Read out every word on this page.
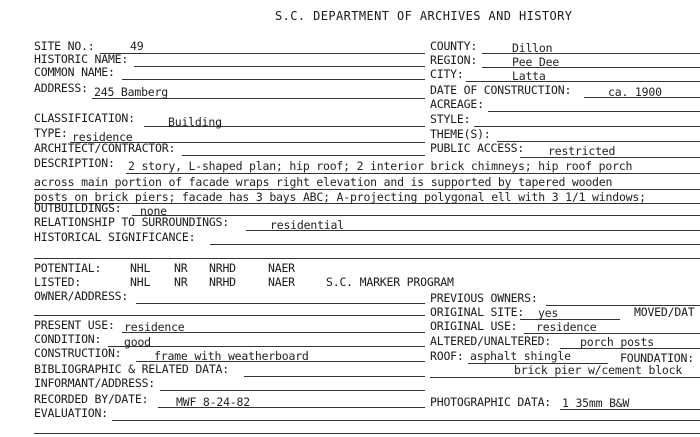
S.C. DEPARTMENT OF ARCHIVES AND HISTORY
SITE NO.:	49
HISTORIC NAME:
COMMON NAME:
ADDRESS: 245 Bamberg
CLASSIFICATION:	Building
TYPE: residence
ARCHITECT/CONTRACTOR:
COUNTY:	Dillon
REGION:	Pee Dee
CITY:	Latta
DATE OF CONSTRUCTION:	ca. 1900
ACREAGE:
STYLE:
THEME(S):
PUBLIC ACCESS: restricted
DESCRIPTION: 2 story, L-shaped plan; hip roof; 2 interior brick chimneys; hip roof porch
across main portion of facade wraps right elevation and is supported by tapered wooden
posts on brick piers; facade has 3 bays ABC; A-projecting polygonal ell with 3 1/1 windows;
OUTBUILDINGS: none
RELATIONSHIP TO SURROUNDINGS:	residential
HISTORICAL SIGNIFICANCE:
POTENTIAL:	NHL NR NRHD	NAER
LISTED:	NHL NR NRHD	NAER	S.C. MARKER PROGRAM
OWNER/ADDRESS:
PRESENT USE: residence
CONDITION: good
CONSTRUCTION:	frame with weatherboard
BIBLIOGRAPHIC & RELATED DATA:
INFORMANT/ADDRESS:
RECORDED BY/DATE: MWF 8-24-82
EVALUATION:
PREVIOUS OWNERS:
ORIGINAL SITE: yes	MOVED/DAT
ORIGINAL USE: residence
ALTERED/UNALTERED:	porch posts
ROOF: asphalt shingle	FOUNDATION:
brick pier w/cement block
PHOTOGRAPHIC DATA: 1 35mm B&W
